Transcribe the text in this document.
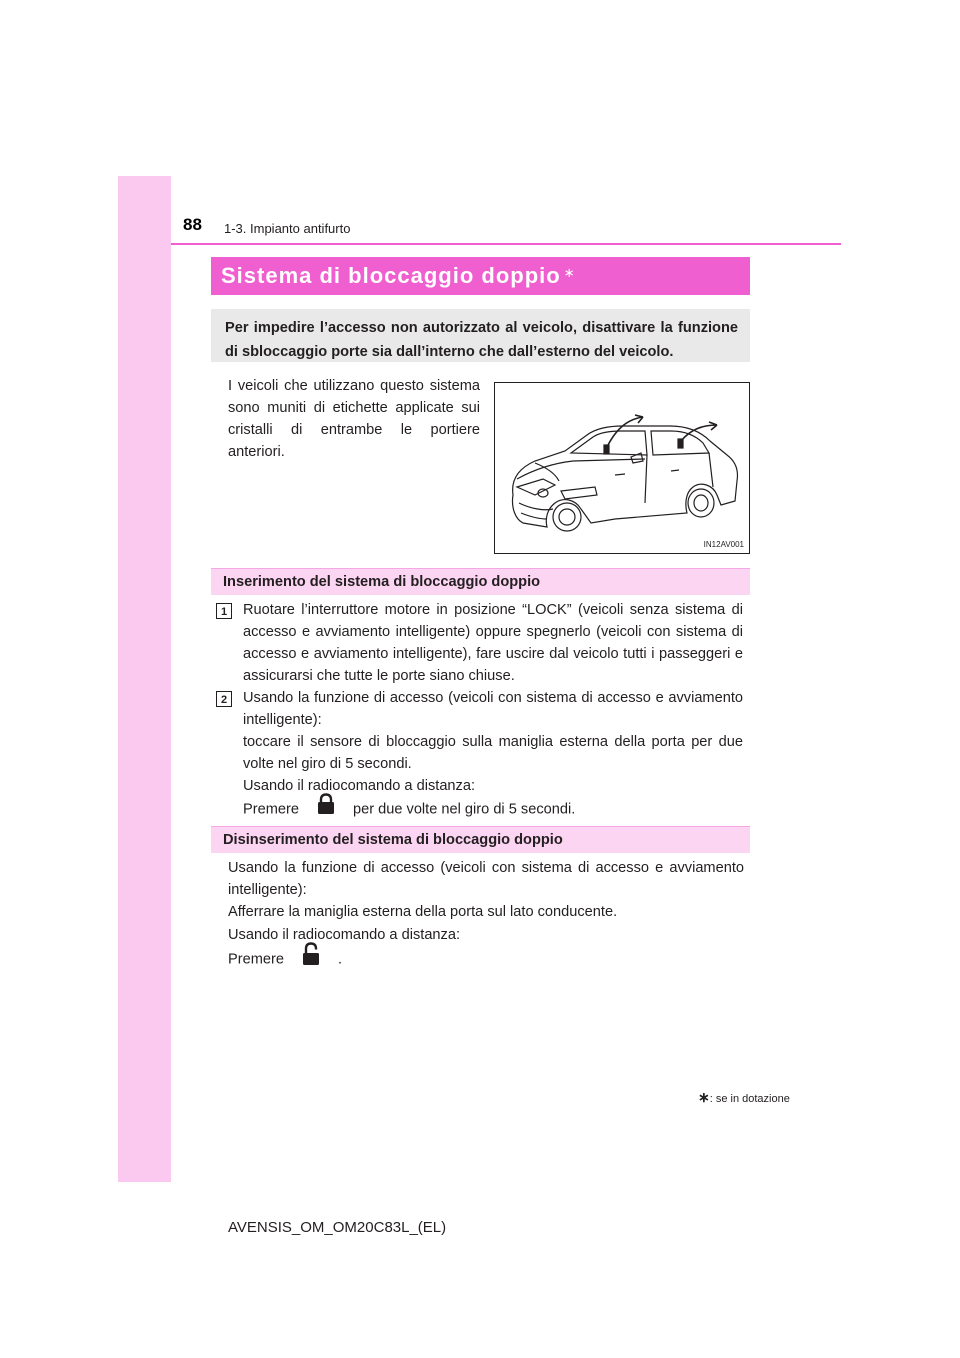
88 1-3. Impianto antifurto
Sistema di bloccaggio doppio ∗
Per impedire l’accesso non autorizzato al veicolo, disattivare la funzione di sbloccaggio porte sia dall’interno che dall’esterno del veicolo.
I veicoli che utilizzano questo sistema sono muniti di etichette applicate sui cristalli di entrambe le portiere anteriori.
IN12AV001
Inserimento del sistema di bloccaggio doppio
1	Ruotare l’interruttore motore in posizione “LOCK” (veicoli senza sistema di accesso e avviamento intelligente) oppure spegnerlo (veicoli con sistema di accesso e avviamento intelligente), fare uscire dal veicolo tutti i passeggeri e assicurarsi che tutte le porte siano chiuse.
2	Usando la funzione di accesso (veicoli con sistema di accesso e avviamento intelligente):
toccare il sensore di bloccaggio sulla maniglia esterna della porta per due volte nel giro di 5 secondi.
Usando il radiocomando a distanza:
Premere	per due volte nel giro di 5 secondi.
Disinserimento del sistema di bloccaggio doppio
Usando la funzione di accesso (veicoli con sistema di accesso e avviamento intelligente):
Afferrare la maniglia esterna della porta sul lato conducente.
Usando il radiocomando a distanza:
Premere	.
∗: se in dotazione
AVENSIS_OM_OM20C83L_(EL)
